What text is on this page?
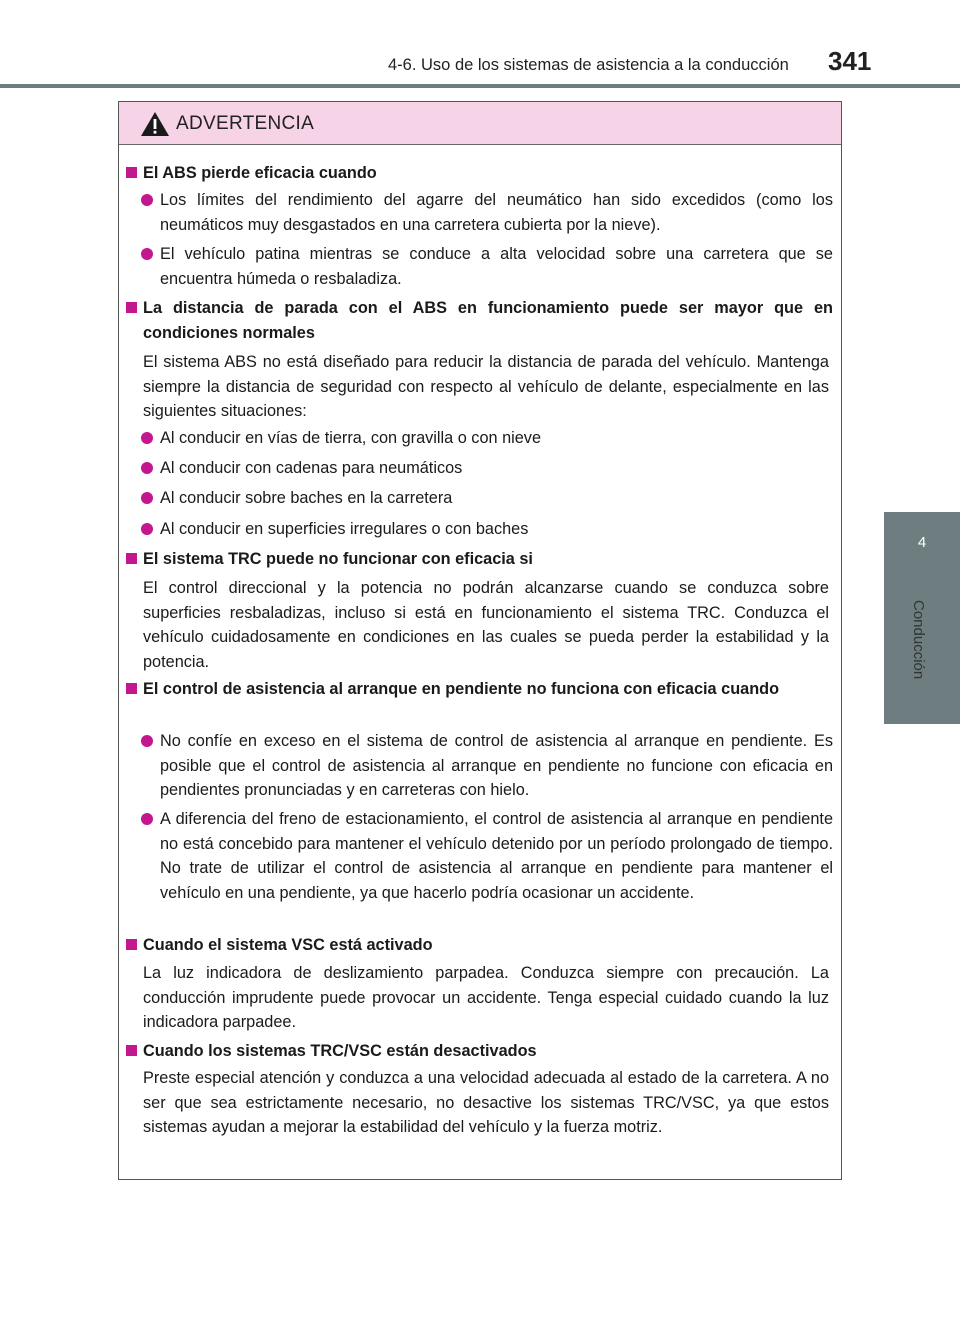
4-6. Uso de los sistemas de asistencia a la conducción 341
4
Conducción
ADVERTENCIA
El ABS pierde eficacia cuando
Los límites del rendimiento del agarre del neumático han sido excedidos (como los neumáticos muy desgastados en una carretera cubierta por la nieve).
El vehículo patina mientras se conduce a alta velocidad sobre una carretera que se encuentra húmeda o resbaladiza.
La distancia de parada con el ABS en funcionamiento puede ser mayor que en condiciones normales
El sistema ABS no está diseñado para reducir la distancia de parada del vehículo. Mantenga siempre la distancia de seguridad con respecto al vehículo de delante, especialmente en las siguientes situaciones:
Al conducir en vías de tierra, con gravilla o con nieve
Al conducir con cadenas para neumáticos
Al conducir sobre baches en la carretera
Al conducir en superficies irregulares o con baches
El sistema TRC puede no funcionar con eficacia si
El control direccional y la potencia no podrán alcanzarse cuando se conduzca sobre superficies resbaladizas, incluso si está en funcionamiento el sistema TRC. Conduzca el vehículo cuidadosamente en condiciones en las cuales se pueda perder la estabilidad y la potencia.
El control de asistencia al arranque en pendiente no funciona con eficacia cuando
No confíe en exceso en el sistema de control de asistencia al arranque en pendiente. Es posible que el control de asistencia al arranque en pendiente no funcione con eficacia en pendientes pronunciadas y en carreteras con hielo.
A diferencia del freno de estacionamiento, el control de asistencia al arranque en pendiente no está concebido para mantener el vehículo detenido por un período prolongado de tiempo. No trate de utilizar el control de asistencia al arranque en pendiente para mantener el vehículo en una pendiente, ya que hacerlo podría ocasionar un accidente.
Cuando el sistema VSC está activado
La luz indicadora de deslizamiento parpadea. Conduzca siempre con precaución. La conducción imprudente puede provocar un accidente. Tenga especial cuidado cuando la luz indicadora parpadee.
Cuando los sistemas TRC/VSC están desactivados
Preste especial atención y conduzca a una velocidad adecuada al estado de la carretera. A no ser que sea estrictamente necesario, no desactive los sistemas TRC/VSC, ya que estos sistemas ayudan a mejorar la estabilidad del vehículo y la fuerza motriz.
